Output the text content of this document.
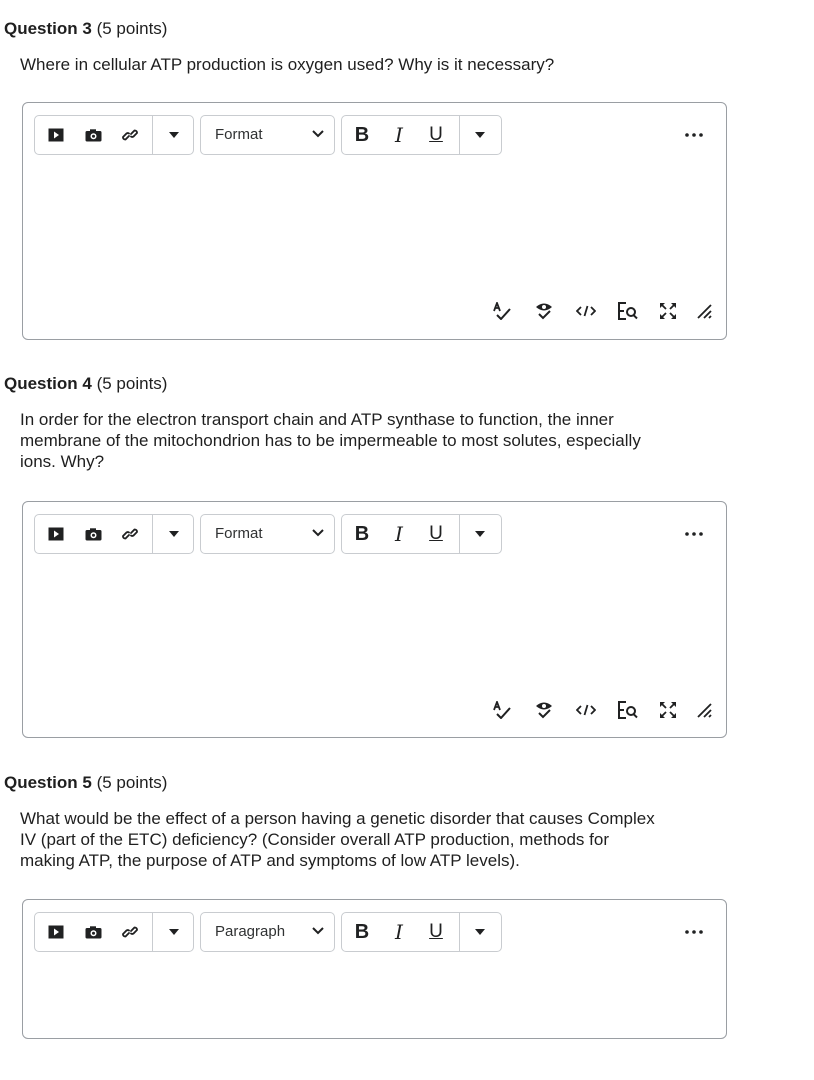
Question 3 (5 points)
Where in cellular ATP production is oxygen used? Why is it necessary?
Format	B	I	U
Question 4 (5 points)
In order for the electron transport chain and ATP synthase to function, the inner
membrane of the mitochondrion has to be impermeable to most solutes, especially
ions. Why?
Format	B	I	U
Question 5 (5 points)
What would be the effect of a person having a genetic disorder that causes Complex
IV (part of the ETC) deficiency? (Consider overall ATP production, methods for
making ATP, the purpose of ATP and symptoms of low ATP levels).
Paragraph	B	I	U
